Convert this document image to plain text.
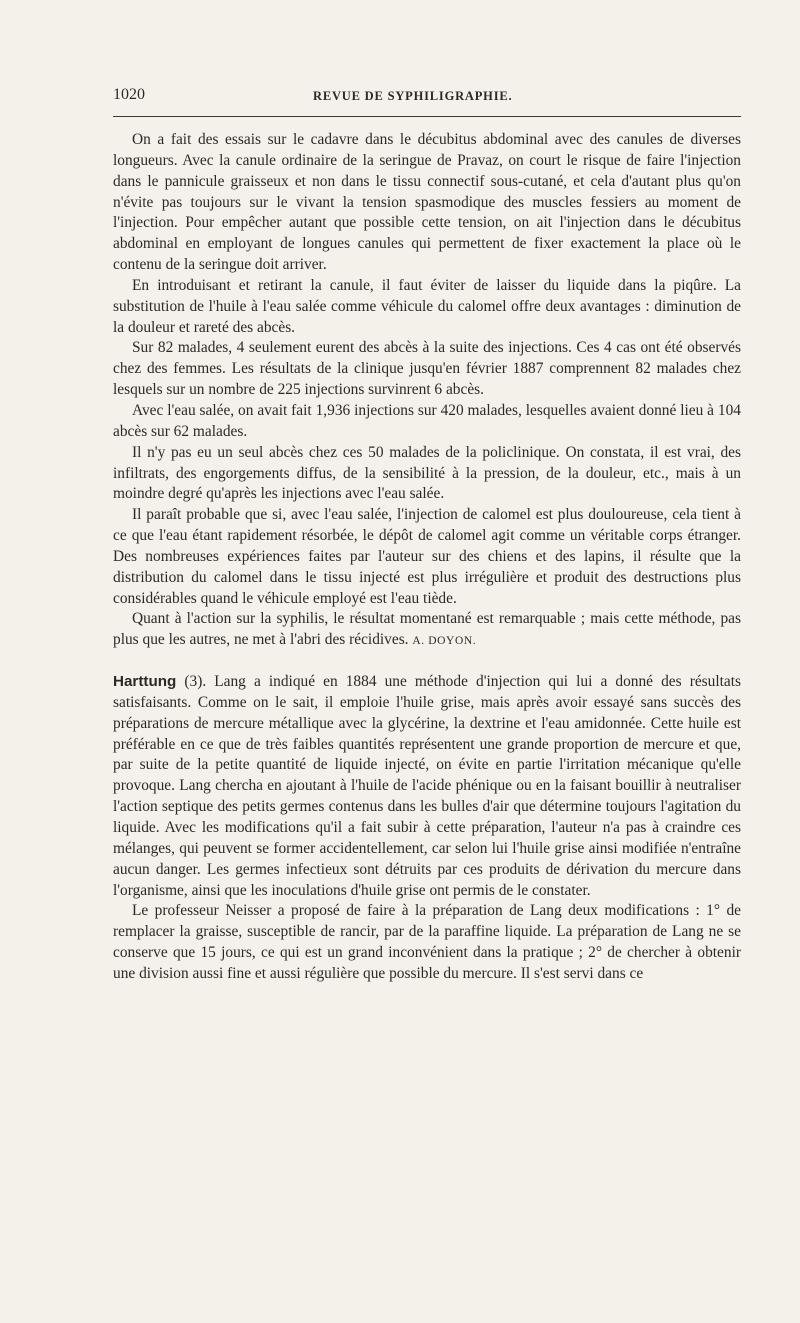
1020	REVUE DE SYPHILIGRAPHIE.

On a fait des essais sur le cadavre dans le décubitus abdominal avec des canules de diverses longueurs. Avec la canule ordinaire de la seringue de Pravaz, on court le risque de faire l'injection dans le pannicule graisseux et non dans le tissu connectif sous-cutané, et cela d'autant plus qu'on n'évite pas toujours sur le vivant la tension spasmodique des muscles fessiers au moment de l'injection. Pour empêcher autant que possible cette tension, on ait l'injection dans le décubitus abdominal en employant de longues canules qui permettent de fixer exactement la place où le contenu de la seringue doit arriver.

En introduisant et retirant la canule, il faut éviter de laisser du liquide dans la piqûre. La substitution de l'huile à l'eau salée comme véhicule du calomel offre deux avantages : diminution de la douleur et rareté des abcès.

Sur 82 malades, 4 seulement eurent des abcès à la suite des injections. Ces 4 cas ont été observés chez des femmes. Les résultats de la clinique jusqu'en février 1887 comprennent 82 malades chez lesquels sur un nombre de 225 injections survinrent 6 abcès.

Avec l'eau salée, on avait fait 1,936 injections sur 420 malades, lesquelles avaient donné lieu à 104 abcès sur 62 malades.

Il n'y pas eu un seul abcès chez ces 50 malades de la policlinique. On constata, il est vrai, des infiltrats, des engorgements diffus, de la sensibilité à la pression, de la douleur, etc., mais à un moindre degré qu'après les injections avec l'eau salée.

Il paraît probable que si, avec l'eau salée, l'injection de calomel est plus douloureuse, cela tient à ce que l'eau étant rapidement résorbée, le dépôt de calomel agit comme un véritable corps étranger. Des nombreuses expériences faites par l'auteur sur des chiens et des lapins, il résulte que la distribution du calomel dans le tissu injecté est plus irrégulière et produit des destructions plus considérables quand le véhicule employé est l'eau tiède.

Quant à l'action sur la syphilis, le résultat momentané est remarquable ; mais cette méthode, pas plus que les autres, ne met à l'abri des récidives. A. DOYON.

Harttung (3). Lang a indiqué en 1884 une méthode d'injection qui lui a donné des résultats satisfaisants. Comme on le sait, il emploie l'huile grise, mais après avoir essayé sans succès des préparations de mercure métallique avec la glycérine, la dextrine et l'eau amidonnée. Cette huile est préférable en ce que de très faibles quantités représentent une grande proportion de mercure et que, par suite de la petite quantité de liquide injecté, on évite en partie l'irritation mécanique qu'elle provoque. Lang chercha en ajoutant à l'huile de l'acide phénique ou en la faisant bouillir à neutraliser l'action septique des petits germes contenus dans les bulles d'air que détermine toujours l'agitation du liquide. Avec les modifications qu'il a fait subir à cette préparation, l'auteur n'a pas à craindre ces mélanges, qui peuvent se former accidentellement, car selon lui l'huile grise ainsi modifiée n'entraîne aucun danger. Les germes infectieux sont détruits par ces produits de dérivation du mercure dans l'organisme, ainsi que les inoculations d'huile grise ont permis de le constater.

Le professeur Neisser a proposé de faire à la préparation de Lang deux modifications : 1° de remplacer la graisse, susceptible de rancir, par de la paraffine liquide. La préparation de Lang ne se conserve que 15 jours, ce qui est un grand inconvénient dans la pratique ; 2° de chercher à obtenir une division aussi fine et aussi régulière que possible du mercure. Il s'est servi dans ce
